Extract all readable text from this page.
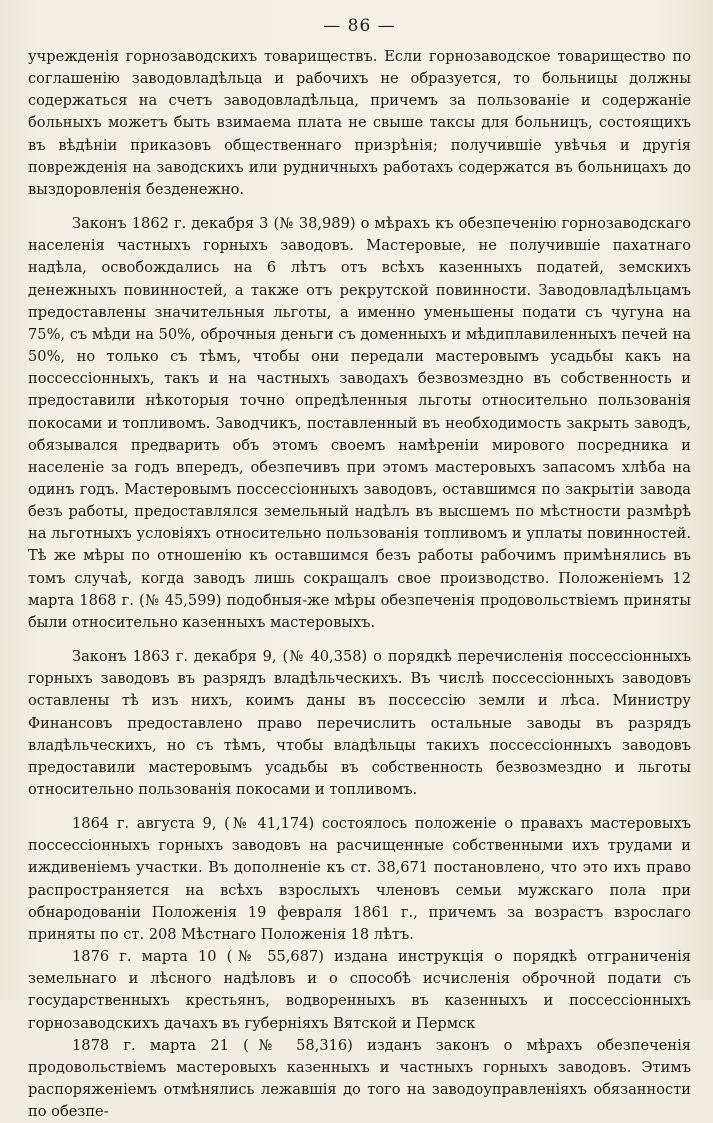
— 86 —

учрежденія горнозаводскихъ товариществъ. Если горнозаводское товарищество по соглашенію заводовладѣльца и рабочихъ не образуется, то больницы должны содержаться на счетъ заводовладѣльца, причемъ за пользованіе и содержаніе больныхъ можетъ быть взимаема плата не свыше таксы для больницъ, состоящихъ въ вѣдѣніи приказовъ общественнаго призрѣнія; получившіе увѣчья и другія поврежденія на заводскихъ или рудничныхъ работахъ содержатся въ больницахъ до выздоровленія безденежно.

Законъ 1862 г. декабря 3 (№ 38,989) о мѣрахъ къ обезпеченію горнозаводскаго населенія частныхъ горныхъ заводовъ. Мастеровые, не получившіе пахатнаго надѣла, освобождались на 6 лѣтъ отъ всѣхъ казенныхъ податей, земскихъ денежныхъ повинностей, а также отъ рекрутской повинности. Заводовладѣльцамъ предоставлены значительныя льготы, а именно уменьшены подати съ чугуна на 75%, съ мѣди на 50%, оброчныя деньги съ доменныхъ и мѣдиплавиленныхъ печей на 50%, но только съ тѣмъ, чтобы они передали мастеровымъ усадьбы какъ на поссессіонныхъ, такъ и на частныхъ заводахъ безвозмездно въ собственность и предоставили нѣкоторыя точно опредѣленныя льготы относительно пользованія покосами и топливомъ. Заводчикъ, поставленный въ необходимость закрыть заводъ, обязывался предварить объ этомъ своемъ намѣреніи мирового посредника и населеніе за годъ впередъ, обезпечивъ при этомъ мастеровыхъ запасомъ хлѣба на одинъ годъ. Мастеровымъ поссессіонныхъ заводовъ, оставшимся по закрытіи завода безъ работы, предоставлялся земельный надѣлъ въ высшемъ по мѣстности размѣрѣ на льготныхъ условіяхъ относительно пользованія топливомъ и уплаты повинностей. Тѣ же мѣры по отношенію къ оставшимся безъ работы рабочимъ примѣнялись въ томъ случаѣ, когда заводъ лишь сокращалъ свое производство. Положеніемъ 12 марта 1868 г. (№ 45,599) подобныя-же мѣры обезпеченія продовольствіемъ приняты были относительно казенныхъ мастеровыхъ.

Законъ 1863 г. декабря 9, (№ 40,358) о порядкѣ перечисленія поссессіонныхъ горныхъ заводовъ въ разрядъ владѣльческихъ. Въ числѣ поссессіонныхъ заводовъ оставлены тѣ изъ нихъ, коимъ даны въ поссессію земли и лѣса. Министру Финансовъ предоставлено право перечислить остальные заводы въ разрядъ владѣльческихъ, но съ тѣмъ, чтобы владѣльцы такихъ поссессіонныхъ заводовъ предоставили мастеровымъ усадьбы въ собственность безвозмездно и льготы относительно пользованія покосами и топливомъ.

1864 г. августа 9, (№ 41,174) состоялось положеніе о правахъ мастеровыхъ поссессіонныхъ горныхъ заводовъ на расчищенные собственными ихъ трудами и иждивеніемъ участки. Въ дополненіе къ ст. 38,671 постановлено, что это ихъ право распространяется на всѣхъ взрослыхъ членовъ семьи мужскаго пола при обнародованіи Положенія 19 февраля 1861 г., причемъ за возрастъ взрослаго приняты по ст. 208 Мѣстнаго Положенія 18 лѣтъ.

1876 г. марта 10 (№ 55,687) издана инструкція о порядкѣ отграниченія земельнаго и лѣсного надѣловъ и о способѣ исчисленія оброчной подати съ государственныхъ крестьянъ, водворенныхъ въ казенныхъ и поссессіонныхъ горнозаводскихъ дачахъ въ губерніяхъ Вятской и Пермск

1878 г. марта 21 (№ 58,316) изданъ законъ о мѣрахъ обезпеченія продовольствіемъ мастеровыхъ казенныхъ и частныхъ горныхъ заводовъ. Этимъ распоряженіемъ отмѣнялись лежавшія до того на заводоуправленіяхъ обязанности по обезпе-
